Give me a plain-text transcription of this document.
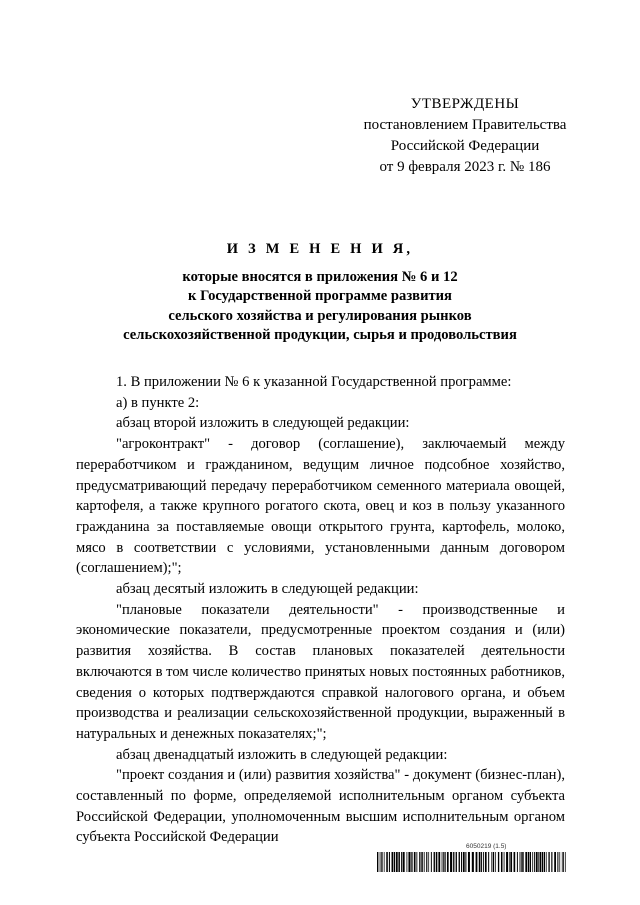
УТВЕРЖДЕНЫ
постановлением Правительства
Российской Федерации
от 9 февраля 2023 г. № 186
И З М Е Н Е Н И Я,
которые вносятся в приложения № 6 и 12
к Государственной программе развития
сельского хозяйства и регулирования рынков
сельскохозяйственной продукции, сырья и продовольствия

1. В приложении № 6 к указанной Государственной программе:

а) в пункте 2:

абзац второй изложить в следующей редакции:

"агроконтракт" - договор (соглашение), заключаемый между переработчиком и гражданином, ведущим личное подсобное хозяйство, предусматривающий передачу переработчиком семенного материала овощей, картофеля, а также крупного рогатого скота, овец и коз в пользу указанного гражданина за поставляемые овощи открытого грунта, картофель, молоко, мясо в соответствии с условиями, установленными данным договором (соглашением);";

абзац десятый изложить в следующей редакции:

"плановые показатели деятельности" - производственные и экономические показатели, предусмотренные проектом создания и (или) развития хозяйства. В состав плановых показателей деятельности включаются в том числе количество принятых новых постоянных работников, сведения о которых подтверждаются справкой налогового органа, и объем производства и реализации сельскохозяйственной продукции, выраженный в натуральных и денежных показателях;";

абзац двенадцатый изложить в следующей редакции:

"проект создания и (или) развития хозяйства" - документ (бизнес-план), составленный по форме, определяемой исполнительным органом субъекта Российской Федерации, уполномоченным высшим исполнительным органом субъекта Российской Федерации

6050219 (1.5)
